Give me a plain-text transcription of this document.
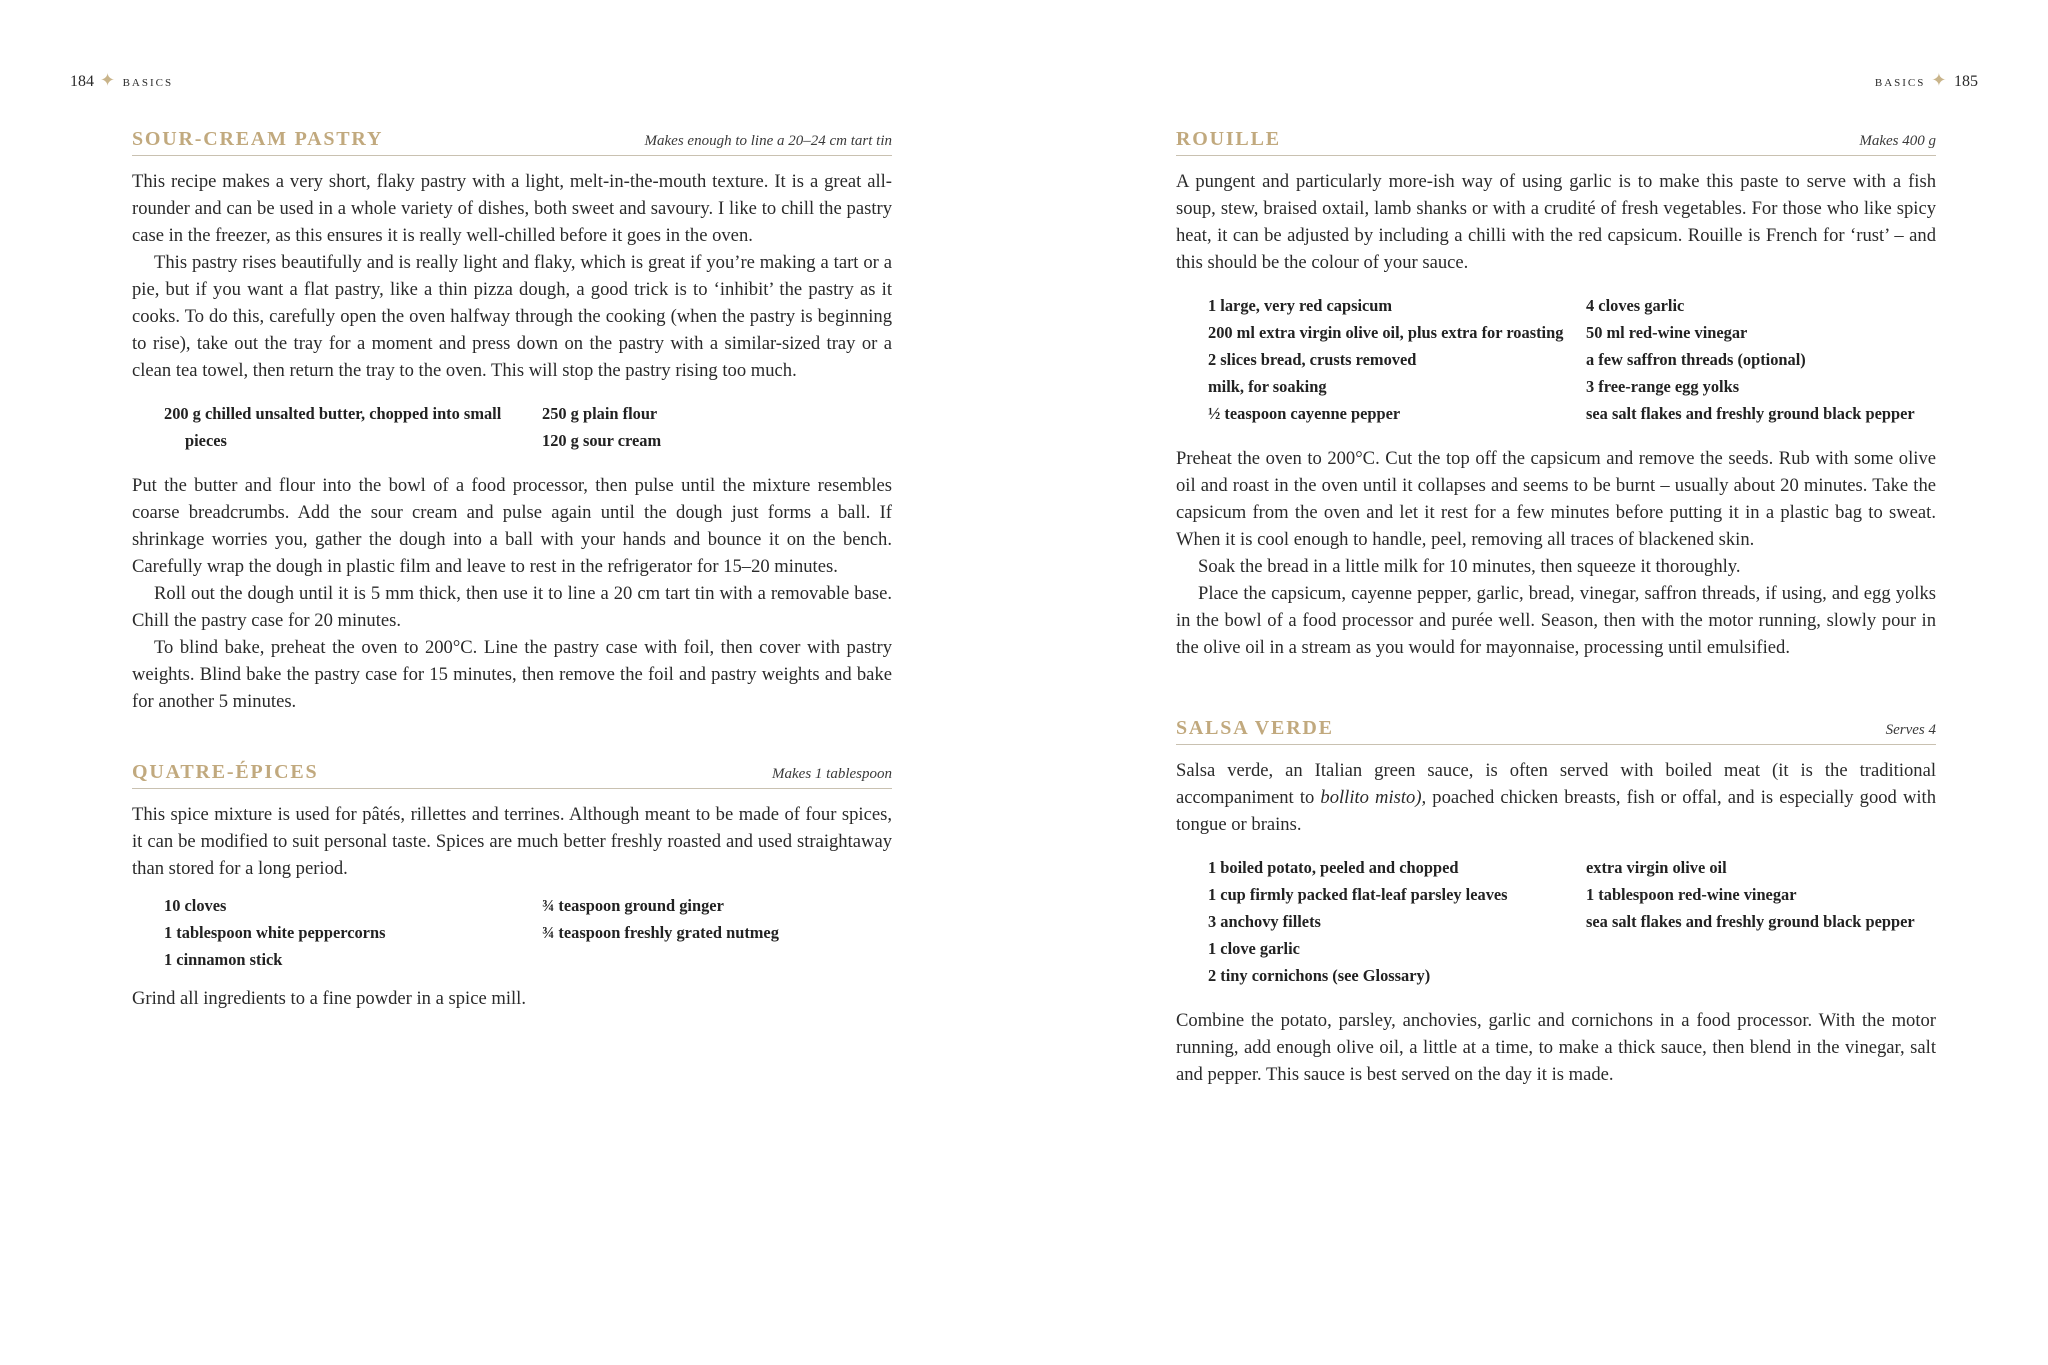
184 ✦ basics	basics ✦ 185
SOUR-CREAM PASTRY	Makes enough to line a 20–24 cm tart tin

This recipe makes a very short, flaky pastry with a light, melt-in-the-mouth texture. It is a great all-rounder and can be used in a whole variety of dishes, both sweet and savoury. I like to chill the pastry case in the freezer, as this ensures it is really well-chilled before it goes in the oven.

This pastry rises beautifully and is really light and flaky, which is great if you’re making a tart or a pie, but if you want a flat pastry, like a thin pizza dough, a good trick is to ‘inhibit’ the pastry as it cooks. To do this, carefully open the oven halfway through the cooking (when the pastry is beginning to rise), take out the tray for a moment and press down on the pastry with a similar-sized tray or a clean tea towel, then return the tray to the oven. This will stop the pastry rising too much.

200 g chilled unsalted butter, chopped into small pieces
250 g plain flour
120 g sour cream

Put the butter and flour into the bowl of a food processor, then pulse until the mixture resembles coarse breadcrumbs. Add the sour cream and pulse again until the dough just forms a ball. If shrinkage worries you, gather the dough into a ball with your hands and bounce it on the bench. Carefully wrap the dough in plastic film and leave to rest in the refrigerator for 15–20 minutes.

Roll out the dough until it is 5 mm thick, then use it to line a 20 cm tart tin with a removable base. Chill the pastry case for 20 minutes.

To blind bake, preheat the oven to 200°C. Line the pastry case with foil, then cover with pastry weights. Blind bake the pastry case for 15 minutes, then remove the foil and pastry weights and bake for another 5 minutes.

QUATRE-ÉPICES	Makes 1 tablespoon

This spice mixture is used for pâtés, rillettes and terrines. Although meant to be made of four spices, it can be modified to suit personal taste. Spices are much better freshly roasted and used straightaway than stored for a long period.

10 cloves
1 tablespoon white peppercorns
1 cinnamon stick
¾ teaspoon ground ginger
¾ teaspoon freshly grated nutmeg

Grind all ingredients to a fine powder in a spice mill.

ROUILLE	Makes 400 g

A pungent and particularly more-ish way of using garlic is to make this paste to serve with a fish soup, stew, braised oxtail, lamb shanks or with a crudité of fresh vegetables. For those who like spicy heat, it can be adjusted by including a chilli with the red capsicum. Rouille is French for ‘rust’ – and this should be the colour of your sauce.

1 large, very red capsicum
200 ml extra virgin olive oil, plus extra for roasting
2 slices bread, crusts removed
milk, for soaking
½ teaspoon cayenne pepper
4 cloves garlic
50 ml red-wine vinegar
a few saffron threads (optional)
3 free-range egg yolks
sea salt flakes and freshly ground black pepper

Preheat the oven to 200°C. Cut the top off the capsicum and remove the seeds. Rub with some olive oil and roast in the oven until it collapses and seems to be burnt – usually about 20 minutes. Take the capsicum from the oven and let it rest for a few minutes before putting it in a plastic bag to sweat. When it is cool enough to handle, peel, removing all traces of blackened skin.

Soak the bread in a little milk for 10 minutes, then squeeze it thoroughly.

Place the capsicum, cayenne pepper, garlic, bread, vinegar, saffron threads, if using, and egg yolks in the bowl of a food processor and purée well. Season, then with the motor running, slowly pour in the olive oil in a stream as you would for mayonnaise, processing until emulsified.

SALSA VERDE	Serves 4

Salsa verde, an Italian green sauce, is often served with boiled meat (it is the traditional accompaniment to bollito misto), poached chicken breasts, fish or offal, and is especially good with tongue or brains.

1 boiled potato, peeled and chopped
1 cup firmly packed flat-leaf parsley leaves
3 anchovy fillets
1 clove garlic
2 tiny cornichons (see Glossary)
extra virgin olive oil
1 tablespoon red-wine vinegar
sea salt flakes and freshly ground black pepper

Combine the potato, parsley, anchovies, garlic and cornichons in a food processor. With the motor running, add enough olive oil, a little at a time, to make a thick sauce, then blend in the vinegar, salt and pepper. This sauce is best served on the day it is made.
